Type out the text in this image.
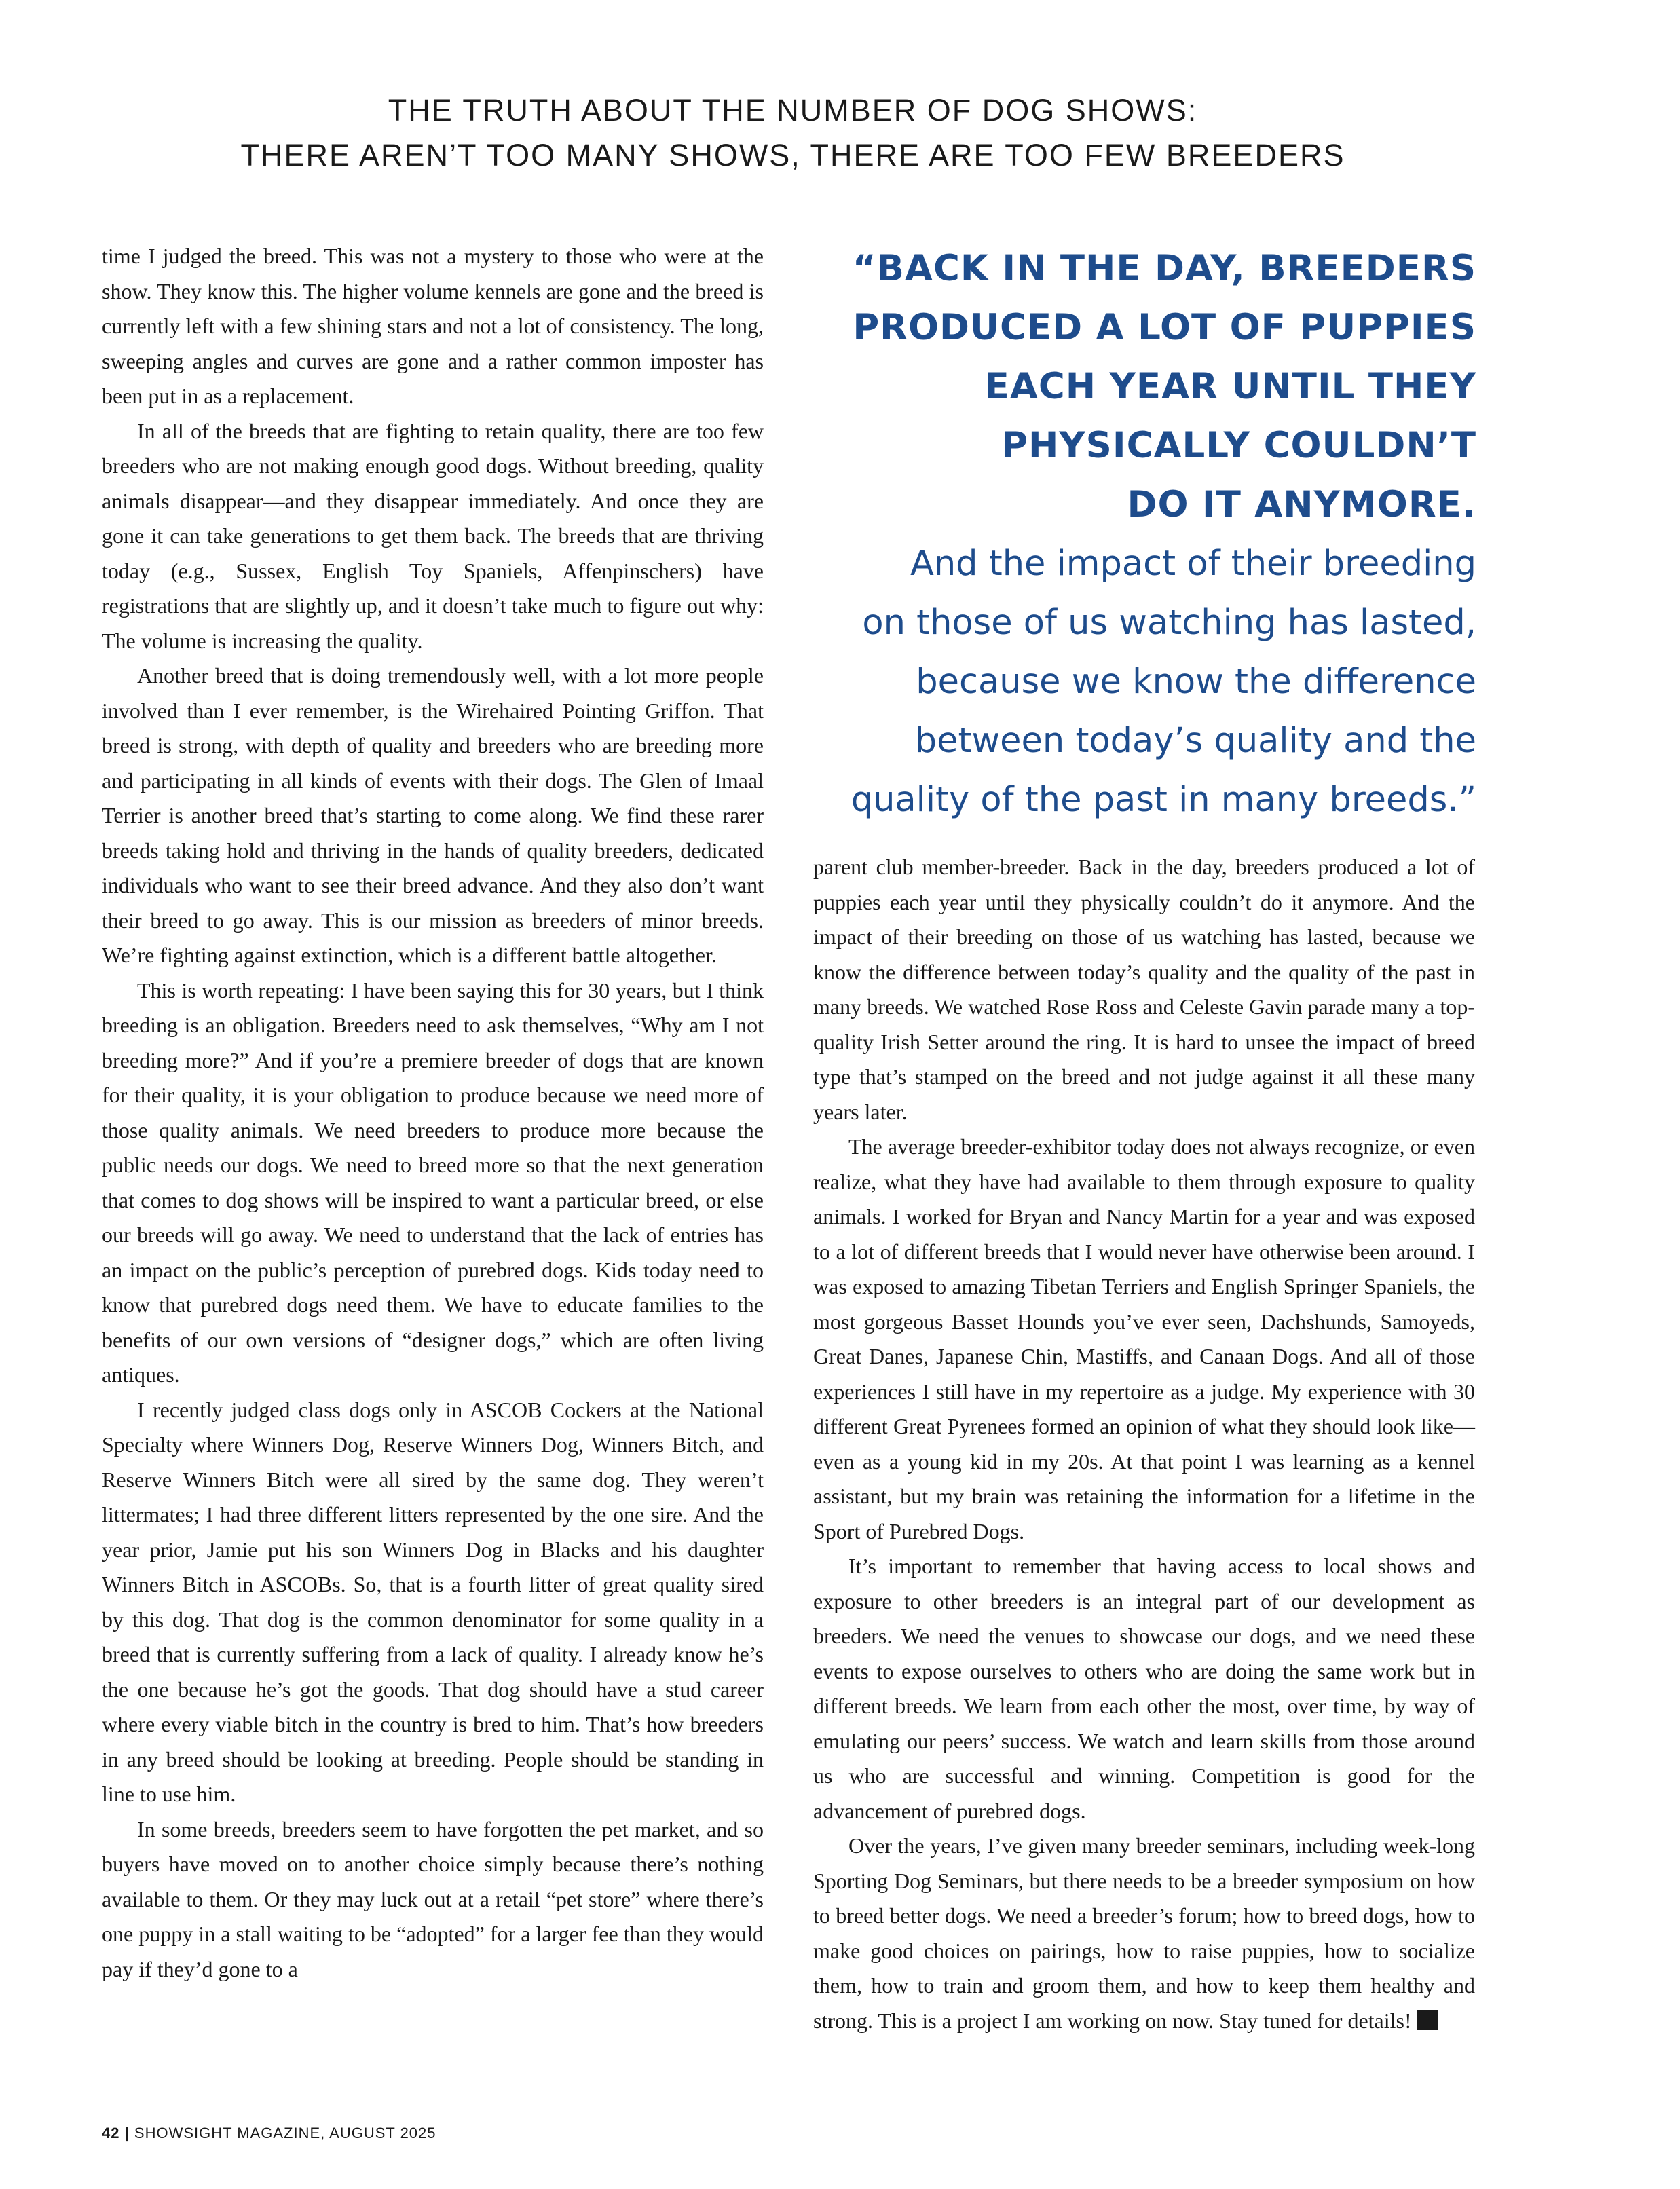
THE TRUTH ABOUT THE NUMBER OF DOG SHOWS:
THERE AREN’T TOO MANY SHOWS, THERE ARE TOO FEW BREEDERS

time I judged the breed. This was not a mystery to those who were at the show. They know this. The higher volume kennels are gone and the breed is currently left with a few shining stars and not a lot of consistency. The long, sweeping angles and curves are gone and a rather common imposter has been put in as a replacement.

In all of the breeds that are fighting to retain quality, there are too few breeders who are not making enough good dogs. Without breeding, quality animals disappear—and they disappear immediately. And once they are gone it can take generations to get them back. The breeds that are thriving today (e.g., Sussex, English Toy Spaniels, Affenpinschers) have registrations that are slightly up, and it doesn’t take much to figure out why: The volume is increasing the quality.

Another breed that is doing tremendously well, with a lot more people involved than I ever remember, is the Wirehaired Pointing Griffon. That breed is strong, with depth of quality and breeders who are breeding more and participating in all kinds of events with their dogs. The Glen of Imaal Terrier is another breed that’s starting to come along. We find these rarer breeds taking hold and thriving in the hands of quality breeders, dedicated individuals who want to see their breed advance. And they also don’t want their breed to go away. This is our mission as breeders of minor breeds. We’re fighting against extinction, which is a different battle altogether.

This is worth repeating: I have been saying this for 30 years, but I think breeding is an obligation. Breeders need to ask themselves, “Why am I not breeding more?” And if you’re a premiere breeder of dogs that are known for their quality, it is your obligation to produce because we need more of those quality animals. We need breeders to produce more because the public needs our dogs. We need to breed more so that the next generation that comes to dog shows will be inspired to want a particular breed, or else our breeds will go away. We need to understand that the lack of entries has an impact on the public’s perception of purebred dogs. Kids today need to know that purebred dogs need them. We have to educate families to the benefits of our own versions of “designer dogs,” which are often living antiques.

I recently judged class dogs only in ASCOB Cockers at the National Specialty where Winners Dog, Reserve Winners Dog, Winners Bitch, and Reserve Winners Bitch were all sired by the same dog. They weren’t littermates; I had three different litters represented by the one sire. And the year prior, Jamie put his son Winners Dog in Blacks and his daughter Winners Bitch in ASCOBs. So, that is a fourth litter of great quality sired by this dog. That dog is the common denominator for some quality in a breed that is currently suffering from a lack of quality. I already know he’s the one because he’s got the goods. That dog should have a stud career where every viable bitch in the country is bred to him. That’s how breeders in any breed should be looking at breeding. People should be standing in line to use him.

In some breeds, breeders seem to have forgotten the pet market, and so buyers have moved on to another choice simply because there’s nothing available to them. Or they may luck out at a retail “pet store” where there’s one puppy in a stall waiting to be “adopted” for a larger fee than they would pay if they’d gone to a

“BACK IN THE DAY, BREEDERS
PRODUCED A LOT OF PUPPIES
EACH YEAR UNTIL THEY
PHYSICALLY COULDN’T
DO IT ANYMORE.
And the impact of their breeding
on those of us watching has lasted,
because we know the difference
between today’s quality and the
quality of the past in many breeds.”

parent club member-breeder. Back in the day, breeders produced a lot of puppies each year until they physically couldn’t do it anymore. And the impact of their breeding on those of us watching has lasted, because we know the difference between today’s quality and the quality of the past in many breeds. We watched Rose Ross and Celeste Gavin parade many a top-quality Irish Setter around the ring. It is hard to unsee the impact of breed type that’s stamped on the breed and not judge against it all these many years later.

The average breeder-exhibitor today does not always recognize, or even realize, what they have had available to them through exposure to quality animals. I worked for Bryan and Nancy Martin for a year and was exposed to a lot of different breeds that I would never have otherwise been around. I was exposed to amazing Tibetan Terriers and English Springer Spaniels, the most gorgeous Basset Hounds you’ve ever seen, Dachshunds, Samoyeds, Great Danes, Japanese Chin, Mastiffs, and Canaan Dogs. And all of those experiences I still have in my repertoire as a judge. My experience with 30 different Great Pyrenees formed an opinion of what they should look like—even as a young kid in my 20s. At that point I was learning as a kennel assistant, but my brain was retaining the information for a lifetime in the Sport of Purebred Dogs.

It’s important to remember that having access to local shows and exposure to other breeders is an integral part of our development as breeders. We need the venues to showcase our dogs, and we need these events to expose ourselves to others who are doing the same work but in different breeds. We learn from each other the most, over time, by way of emulating our peers’ success. We watch and learn skills from those around us who are successful and winning. Competition is good for the advancement of purebred dogs.

Over the years, I’ve given many breeder seminars, including week-long Sporting Dog Seminars, but there needs to be a breeder symposium on how to breed better dogs. We need a breeder’s forum; how to breed dogs, how to make good choices on pairings, how to raise puppies, how to socialize them, how to train and groom them, and how to keep them healthy and strong. This is a project I am working on now. Stay tuned for details!

42 | SHOWSIGHT MAGAZINE, AUGUST 2025
